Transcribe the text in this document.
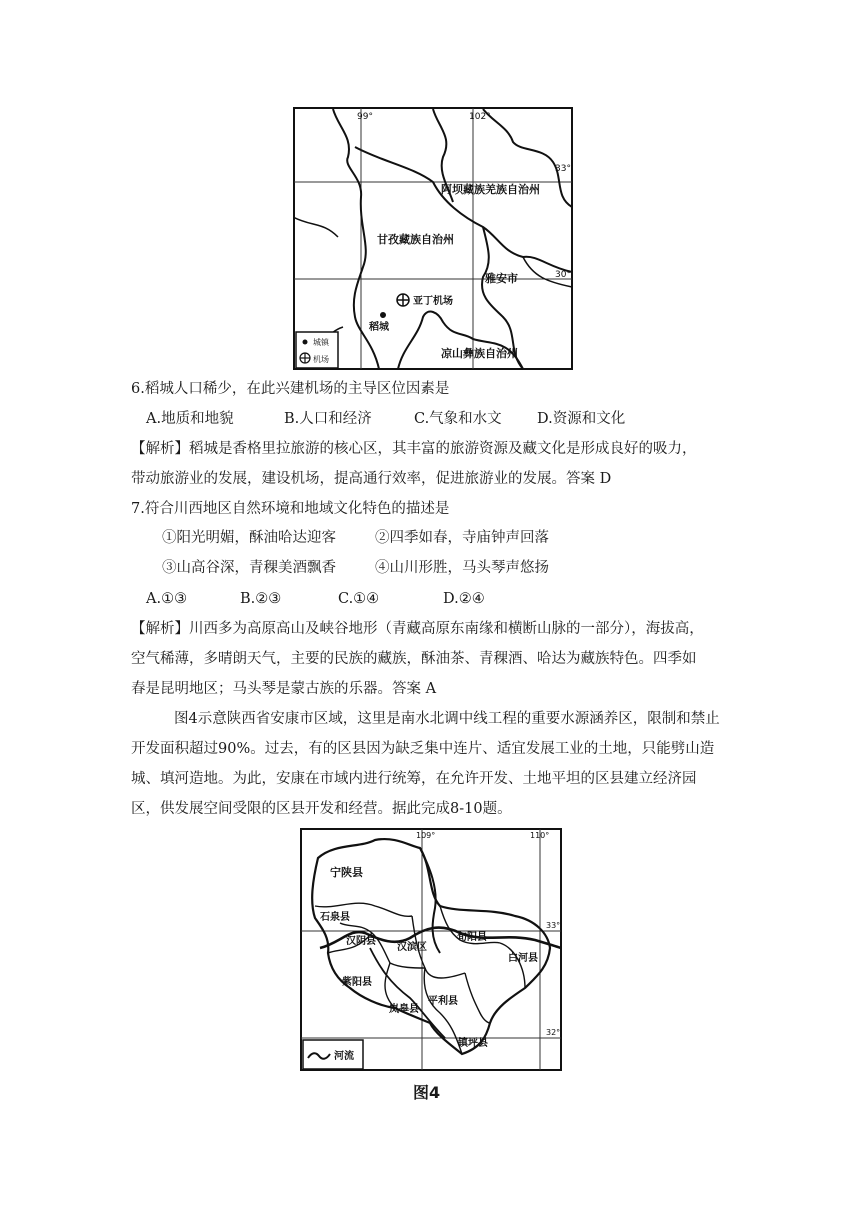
99°	102°
33°
30°
阿坝藏族羌族自治州
甘孜藏族自治州
雅安市
凉山彝族自治州
亚丁机场
稻城
城镇
机场
6.稻城人口稀少，在此兴建机场的主导区位因素是
A.地质和地貌	B.人口和经济	C.气象和水文 D.资源和文化
【解析】稻城是香格里拉旅游的核心区，其丰富的旅游资源及藏文化是形成良好的吸力，
带动旅游业的发展，建设机场，提高通行效率，促进旅游业的发展。答案 D
7.符合川西地区自然环境和地域文化特色的描述是
①阳光明媚，酥油哈达迎客	②四季如春，寺庙钟声回落
③山高谷深，青稞美酒飘香	④山川形胜，马头琴声悠扬
A.①③	B.②③	C.①④	D.②④
【解析】川西多为高原高山及峡谷地形（青藏高原东南缘和横断山脉的一部分），海拔高，
空气稀薄，多晴朗天气，主要的民族的藏族，酥油茶、青稞酒、哈达为藏族特色。四季如
春是昆明地区；马头琴是蒙古族的乐器。答案 A
图4示意陕西省安康市区域，这里是南水北调中线工程的重要水源涵养区，限制和禁止
开发面积超过90%。过去，有的区县因为缺乏集中连片、适宜发展工业的土地，只能劈山造
城、填河造地。为此，安康在市域内进行统筹，在允许开发、土地平坦的区县建立经济园
区，供发展空间受限的区县开发和经营。据此完成8-10题。
109°	110°
33°
32°
宁陕县
石泉县
汉阴县
汉滨区
旬阳县
白河县
紫阳县
岚皋县
平利县
镇坪县
河流
图4
